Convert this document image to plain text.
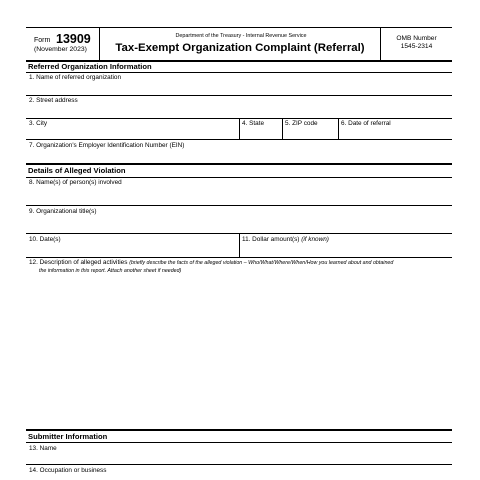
Form 13909
(November 2023)
Department of the Treasury - Internal Revenue Service
Tax-Exempt Organization Complaint (Referral)
OMB Number
1545-2314
Referred Organization Information
1. Name of referred organization
2. Street address
3. City	4. State	5. ZIP code	6. Date of referral
7. Organization's Employer Identification Number (EIN)
Details of Alleged Violation
8. Name(s) of person(s) involved
9. Organizational title(s)
10. Date(s)	11. Dollar amount(s) (if known)
12. Description of alleged activities (briefly describe the facts of the alleged violation – Who/What/Where/When/How you learned about and obtained
the information in this report. Attach another sheet if needed)
Submitter Information
13. Name
14. Occupation or business
